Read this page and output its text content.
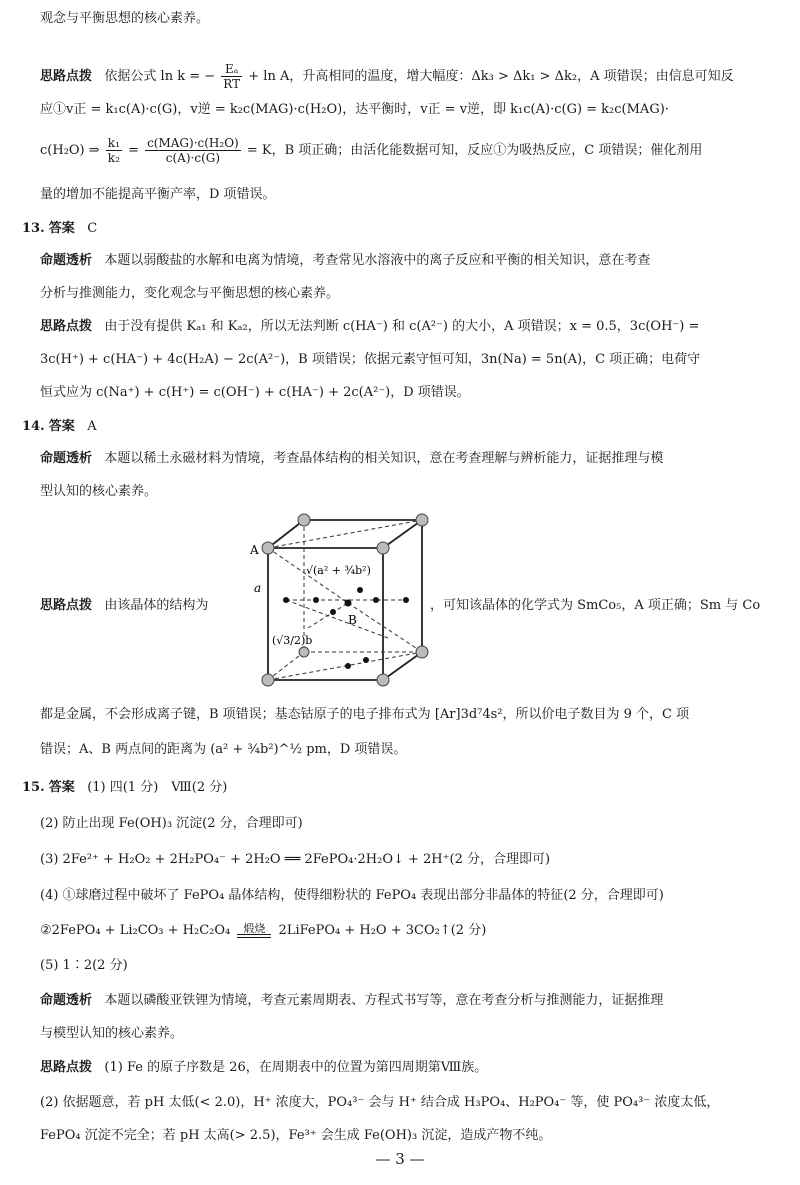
观念与平衡思想的核心素养。
思路点拨 依据公式 ln k = − $\frac{\text{Eₐ}}{RT} + \ln A$，升高相同的温度，增大幅度：Δk₃ > Δk₁ > Δk₂，A 项错误；由信息可知反
应①v正 = k₁c(A)·c(G)，v逆 = k₂c(MAG)·c(H₂O)，达平衡时，v正 = v逆，即 k₁c(A)·c(G) = k₂c(MAG)·
c(H₂O) ⇒ $\frac{\text{k₁}}{\text{k₂}} = \frac{\text{c(MAG)·c(H₂O)}}{c(A)\cdot c(G)} = K$，B 项正确；由活化能数据可知，反应①为吸热反应，C 项错误；催化剂用
量的增加不能提高平衡产率，D 项错误。
13. 答案 C
命题透析 本题以弱酸盐的水解和电离为情境，考查常见水溶液中的离子反应和平衡的相关知识，意在考查
分析与推测能力，变化观念与平衡思想的核心素养。
思路点拨 由于没有提供 Kₐ₁ 和 Kₐ₂，所以无法判断 c(HA⁻) 和 c(A²⁻) 的大小，A 项错误；x = 0.5，3c(OH⁻) =
3c(H⁺) + c(HA⁻) + 4c(H₂A) − 2c(A²⁻)，B 项错误；依据元素守恒可知，3n(Na) = 5n(A)，C 项正确；电荷守
恒式应为 c(Na⁺) + c(H⁺) = c(OH⁻) + c(HA⁻) + 2c(A²⁻)，D 项错误。
14. 答案 A
命题透析 本题以稀土永磁材料为情境，考查晶体结构的相关知识，意在考查理解与辨析能力，证据推理与模
型认知的核心素养。
思路点拨 由该晶体的结构为	，可知该晶体的化学式为 SmCo₅，A 项正确；Sm 与 Co
A
B
a
√(a² + ¾b²)
(√3/2)b
都是金属，不会形成离子键，B 项错误；基态钴原子的电子排布式为 [Ar]3d⁷4s²，所以价电子数目为 9 个，C 项
错误；A、B 两点间的距离为 (a² + ¾b²)^½ pm，D 项错误。
15. 答案 (1) 四(1 分)　Ⅷ(2 分)
(2) 防止出现 Fe(OH)₃ 沉淀(2 分，合理即可)
(3) 2Fe²⁺ + H₂O₂ + 2H₂PO₄⁻ + 2H₂O ══ 2FePO₄·2H₂O↓ + 2H⁺(2 分，合理即可)
(4) ①球磨过程中破坏了 FePO₄ 晶体结构，使得细粉状的 FePO₄ 表现出部分非晶体的特征(2 分，合理即可)
②2FePO₄ + Li₂CO₃ + H₂C₂O₄	煅烧	2LiFePO₄ + H₂O + 3CO₂↑(2 分)
(5) 1∶2(2 分)
命题透析 本题以磷酸亚铁锂为情境，考查元素周期表、方程式书写等，意在考查分析与推测能力，证据推理
与模型认知的核心素养。
思路点拨 (1) Fe 的原子序数是 26，在周期表中的位置为第四周期第Ⅷ族。
(2) 依据题意，若 pH 太低(< 2.0)，H⁺ 浓度大，PO₄³⁻ 会与 H⁺ 结合成 H₃PO₄、H₂PO₄⁻ 等，使 PO₄³⁻ 浓度太低，
FePO₄ 沉淀不完全；若 pH 太高(> 2.5)，Fe³⁺ 会生成 Fe(OH)₃ 沉淀，造成产物不纯。
— 3 —
